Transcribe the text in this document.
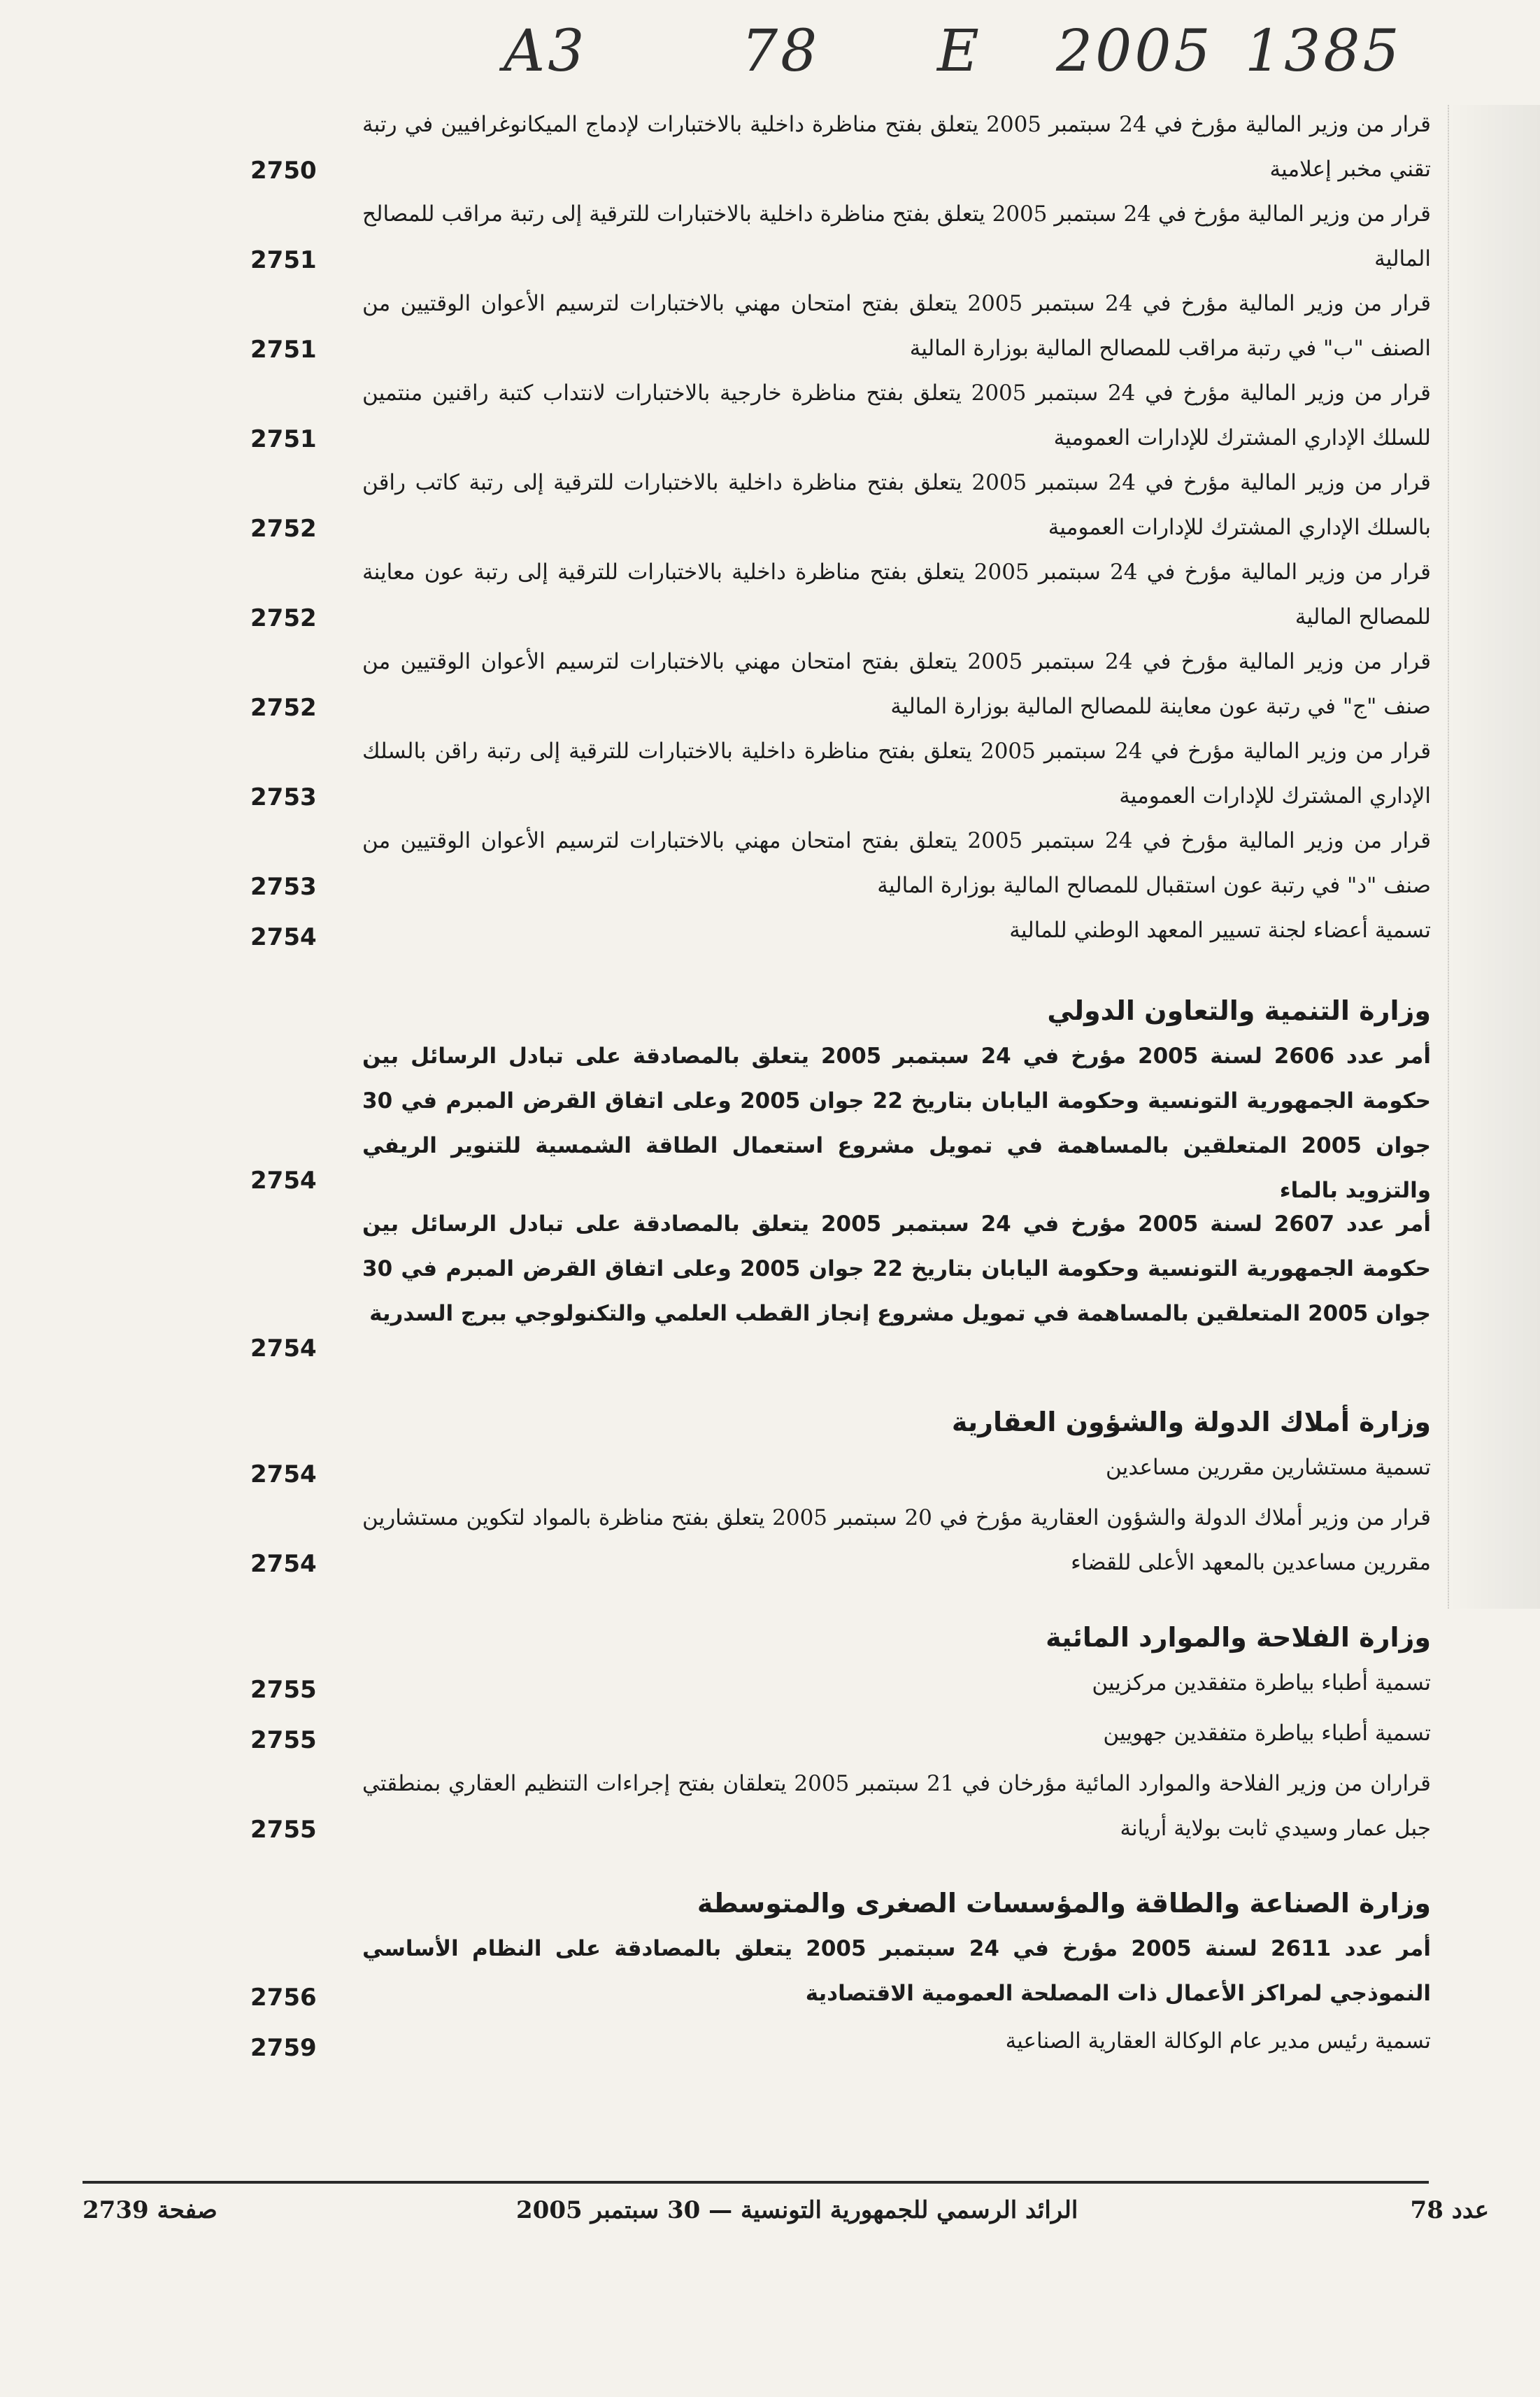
A3	78 E 2005 1385
قرار من وزير المالية مؤرخ في 24 سبتمبر 2005 يتعلق بفتح مناظرة داخلية بالاختبارات لإدماج الميكانوغرافيين في رتبة تقني مخبر إعلامية
2750
قرار من وزير المالية مؤرخ في 24 سبتمبر 2005 يتعلق بفتح مناظرة داخلية بالاختبارات للترقية إلى رتبة مراقب للمصالح المالية
2751
قرار من وزير المالية مؤرخ في 24 سبتمبر 2005 يتعلق بفتح امتحان مهني بالاختبارات لترسيم الأعوان الوقتيين من الصنف "ب" في رتبة مراقب للمصالح المالية بوزارة المالية
2751
قرار من وزير المالية مؤرخ في 24 سبتمبر 2005 يتعلق بفتح مناظرة خارجية بالاختبارات لانتداب كتبة راقنين منتمين للسلك الإداري المشترك للإدارات العمومية
2751
قرار من وزير المالية مؤرخ في 24 سبتمبر 2005 يتعلق بفتح مناظرة داخلية بالاختبارات للترقية إلى رتبة كاتب راقن بالسلك الإداري المشترك للإدارات العمومية
2752
قرار من وزير المالية مؤرخ في 24 سبتمبر 2005 يتعلق بفتح مناظرة داخلية بالاختبارات للترقية إلى رتبة عون معاينة للمصالح المالية
2752
قرار من وزير المالية مؤرخ في 24 سبتمبر 2005 يتعلق بفتح امتحان مهني بالاختبارات لترسيم الأعوان الوقتيين من صنف "ج" في رتبة عون معاينة للمصالح المالية بوزارة المالية
2752
قرار من وزير المالية مؤرخ في 24 سبتمبر 2005 يتعلق بفتح مناظرة داخلية بالاختبارات للترقية إلى رتبة راقن بالسلك الإداري المشترك للإدارات العمومية
2753
قرار من وزير المالية مؤرخ في 24 سبتمبر 2005 يتعلق بفتح امتحان مهني بالاختبارات لترسيم الأعوان الوقتيين من صنف "د" في رتبة عون استقبال للمصالح المالية بوزارة المالية
2753
تسمية أعضاء لجنة تسيير المعهد الوطني للمالية
2754
وزارة التنمية والتعاون الدولي
أمر عدد 2606 لسنة 2005 مؤرخ في 24 سبتمبر 2005 يتعلق بالمصادقة على تبادل الرسائل بين حكومة الجمهورية التونسية وحكومة اليابان بتاريخ 22 جوان 2005 وعلى اتفاق القرض المبرم في 30 جوان 2005 المتعلقين بالمساهمة في تمويل مشروع استعمال الطاقة الشمسية للتنوير الريفي والتزويد بالماء
2754
أمر عدد 2607 لسنة 2005 مؤرخ في 24 سبتمبر 2005 يتعلق بالمصادقة على تبادل الرسائل بين حكومة الجمهورية التونسية وحكومة اليابان بتاريخ 22 جوان 2005 وعلى اتفاق القرض المبرم في 30 جوان 2005 المتعلقين بالمساهمة في تمويل مشروع إنجاز القطب العلمي والتكنولوجي ببرج السدرية
2754
وزارة أملاك الدولة والشؤون العقارية
تسمية مستشارين مقررين مساعدين
2754
قرار من وزير أملاك الدولة والشؤون العقارية مؤرخ في 20 سبتمبر 2005 يتعلق بفتح مناظرة بالمواد لتكوين مستشارين مقررين مساعدين بالمعهد الأعلى للقضاء
2754
وزارة الفلاحة والموارد المائية
تسمية أطباء بياطرة متفقدين مركزيين
2755
تسمية أطباء بياطرة متفقدين جهويين
2755
قراران من وزير الفلاحة والموارد المائية مؤرخان في 21 سبتمبر 2005 يتعلقان بفتح إجراءات التنظيم العقاري بمنطقتي جبل عمار وسيدي ثابت بولاية أريانة
2755
وزارة الصناعة والطاقة والمؤسسات الصغرى والمتوسطة
أمر عدد 2611 لسنة 2005 مؤرخ في 24 سبتمبر 2005 يتعلق بالمصادقة على النظام الأساسي النموذجي لمراكز الأعمال ذات المصلحة العمومية الاقتصادية
2756
تسمية رئيس مدير عام الوكالة العقارية الصناعية
2759
صفحة 2739	الرائد الرسمي للجمهورية التونسية — 30 سبتمبر 2005	عدد 78
